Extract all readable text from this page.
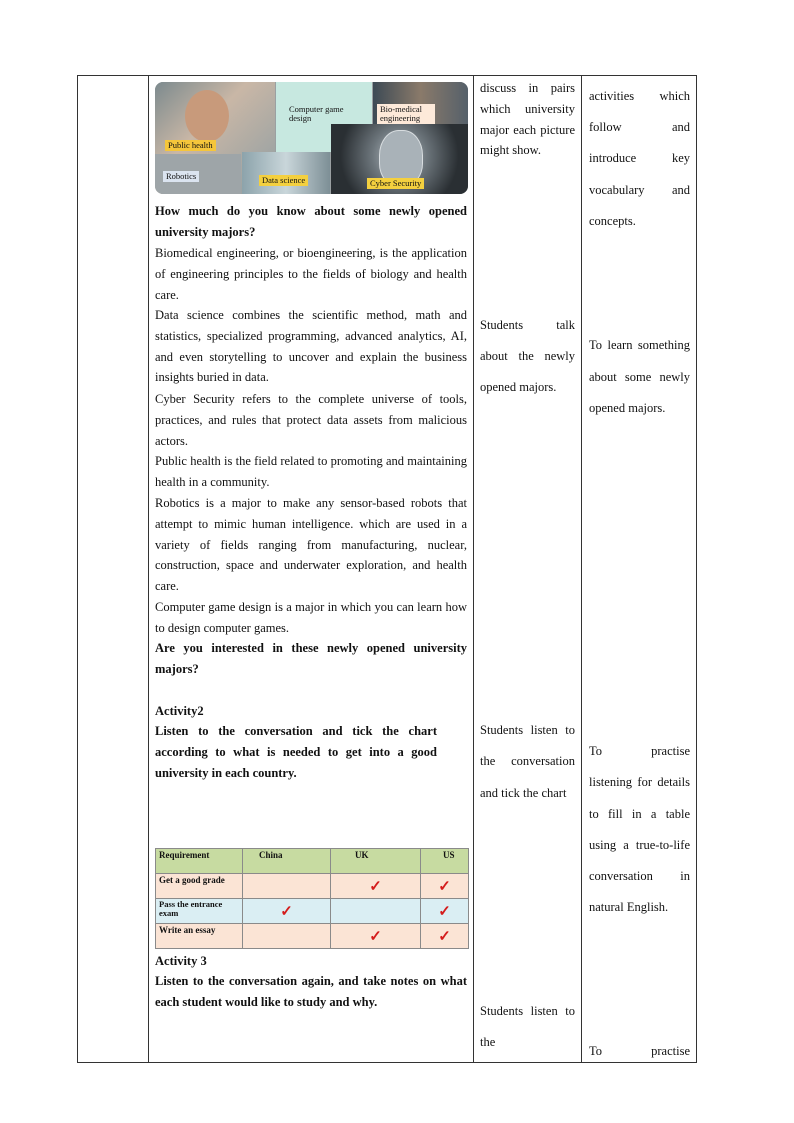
Computer game design
Bio-medical engineering
Public health
Robotics	Data science	Cyber Security
How much do you know about some newly opened university majors?
Biomedical engineering, or bioengineering, is the application of engineering principles to the fields of biology and health care.
Data science combines the scientific method, math and statistics, specialized programming, advanced analytics, AI, and even storytelling to uncover and explain the business insights buried in data.
Cyber Security refers to the complete universe of tools, practices, and rules that protect data assets from malicious actors.
Public health is the field related to promoting and maintaining health in a community.
Robotics is a major to make any sensor-based robots that attempt to mimic human intelligence. which are used in a variety of fields ranging from manufacturing, nuclear, construction, space and underwater exploration, and health care.
Computer game design is a major in which you can learn how to design computer games.
Are you interested in these newly opened university majors?
Activity2
Listen to the conversation and tick the chart according to what is needed to get into a good university in each country.
Requirement	China	UK	US
Get a good grade		✓	✓

Pass the entrance exam	✓		✓

Write an essay		✓	✓
Activity 3
Listen to the conversation again, and take notes on what each student would like to study and why.
discuss in pairs which university major each picture might show.
Students talk about the newly opened majors.
Students listen to the conversation and tick the chart
Students listen to the
activities which follow and introduce key vocabulary and concepts.
To learn something about some newly opened majors.
To practise listening for details to fill in a table using a true-to-life conversation in natural English.
To practise
